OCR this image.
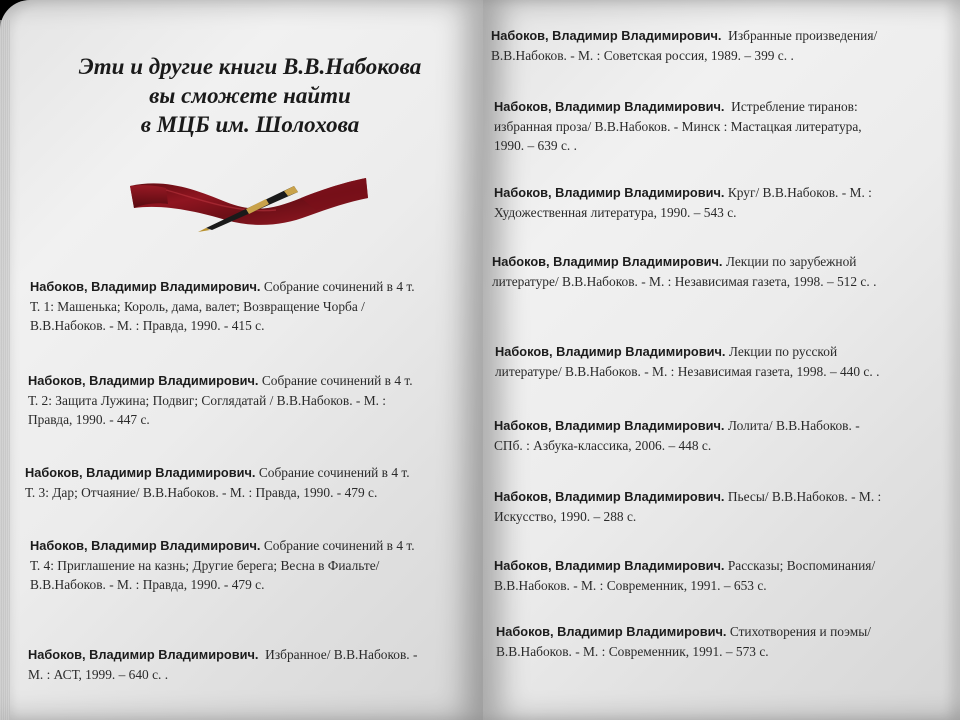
Эти и другие книги В.В.Набокова
вы сможете найти
в МЦБ им. Шолохова
Набоков, Владимир Владимирович. Собрание сочинений в 4 т.
Т. 1: Машенька; Король, дама, валет; Возвращение Чорба /
В.В.Набоков. - М. : Правда, 1990. - 415 с.
Набоков, Владимир Владимирович. Собрание сочинений в 4 т.
Т. 2: Защита Лужина; Подвиг; Соглядатай / В.В.Набоков. - М. :
Правда, 1990. - 447 с.
Набоков, Владимир Владимирович. Собрание сочинений в 4 т.
Т. 3: Дар; Отчаяние/ В.В.Набоков. - М. : Правда, 1990. - 479 с.
Набоков, Владимир Владимирович. Собрание сочинений в 4 т.
Т. 4: Приглашение на казнь; Другие берега; Весна в Фиальте/
В.В.Набоков. - М. : Правда, 1990. - 479 с.
Набоков, Владимир Владимирович. Избранное/ В.В.Набоков. -
М. : АСТ, 1999. – 640 с. .
Набоков, Владимир Владимирович. Избранные произведения/
В.В.Набоков. - М. : Советская россия, 1989. – 399 с. .
Набоков, Владимир Владимирович. Истребление тиранов:
избранная проза/ В.В.Набоков. - Минск : Мастацкая литература,
1990. – 639 с. .
Набоков, Владимир Владимирович. Круг/ В.В.Набоков. - М. :
Художественная литература, 1990. – 543 с.
Набоков, Владимир Владимирович. Лекции по зарубежной
литературе/ В.В.Набоков. - М. : Независимая газета, 1998. – 512 с. .
Набоков, Владимир Владимирович. Лекции по русской
литературе/ В.В.Набоков. - М. : Независимая газета, 1998. – 440 с. .
Набоков, Владимир Владимирович. Лолита/ В.В.Набоков. -
СПб. : Азбука-классика, 2006. – 448 с.
Набоков, Владимир Владимирович. Пьесы/ В.В.Набоков. - М. :
Искусство, 1990. – 288 с.
Набоков, Владимир Владимирович. Рассказы; Воспоминания/
В.В.Набоков. - М. : Современник, 1991. – 653 с.
Набоков, Владимир Владимирович. Стихотворения и поэмы/
В.В.Набоков. - М. : Современник, 1991. – 573 с.
